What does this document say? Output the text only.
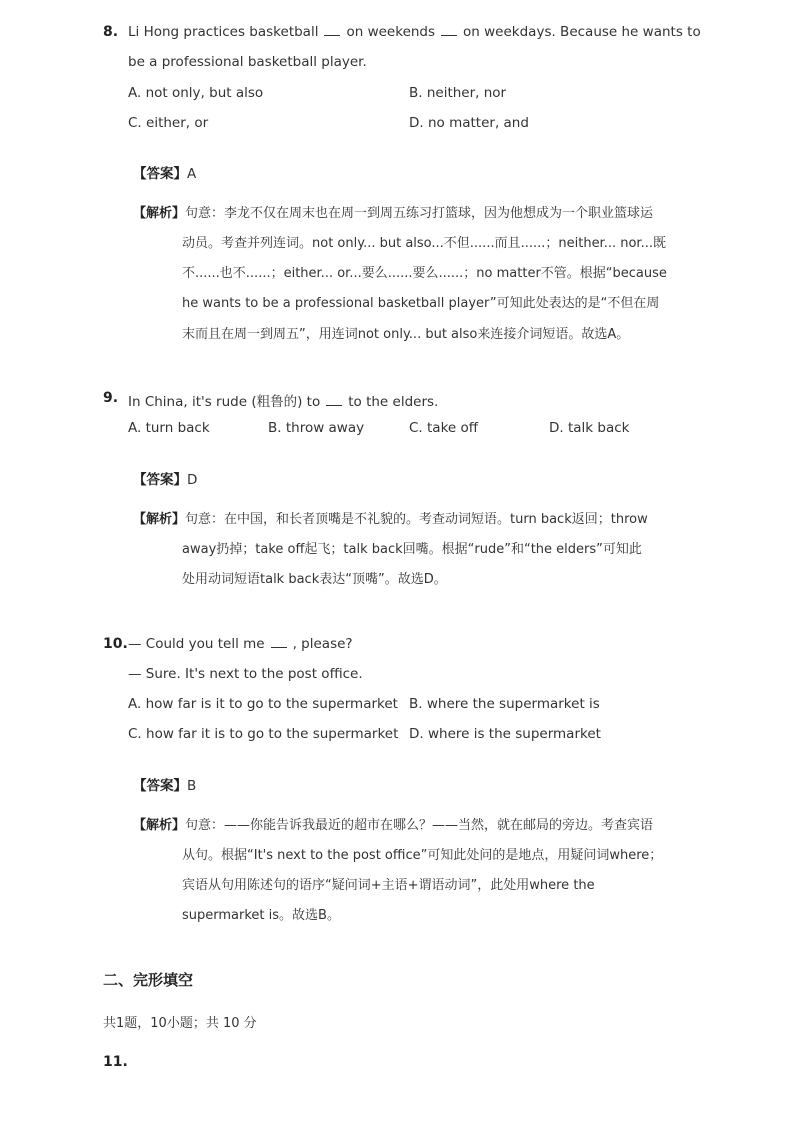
8. Li Hong practices basketball on weekends on weekdays. Because he wants to
be a professional basketball player.
A. not only, but also	B. neither, nor
C. either, or	D. no matter, and
【答案】A
【解析】句意：李龙不仅在周末也在周一到周五练习打篮球，因为他想成为一个职业篮球运
动员。考查并列连词。not only... but also...不但......而且......；neither... nor...既
不......也不......；either... or...要么......要么......；no matter不管。根据“because
he wants to be a professional basketball player”可知此处表达的是“不但在周
末而且在周一到周五”，用连词not only... but also来连接介词短语。故选A。
9. In China, it's rude (粗鲁的) to to the elders.
A. turn back	B. throw away	C. take off	D. talk back
【答案】D
【解析】句意：在中国，和长者顶嘴是不礼貌的。考查动词短语。turn back返回；throw
away扔掉；take off起飞；talk back回嘴。根据“rude”和“the elders”可知此
处用动词短语talk back表达“顶嘴”。故选D。
10. — Could you tell me , please?
— Sure. It's next to the post office.
A. how far is it to go to the supermarket B. where the supermarket is
C. how far it is to go to the supermarket D. where is the supermarket
【答案】B
【解析】句意：——你能告诉我最近的超市在哪么？——当然，就在邮局的旁边。考查宾语
从句。根据“It's next to the post office”可知此处问的是地点，用疑问词where；
宾语从句用陈述句的语序“疑问词+主语+谓语动词”，此处用where the
supermarket is。故选B。
二、完形填空
共1题，10小题；共 10 分
11.
